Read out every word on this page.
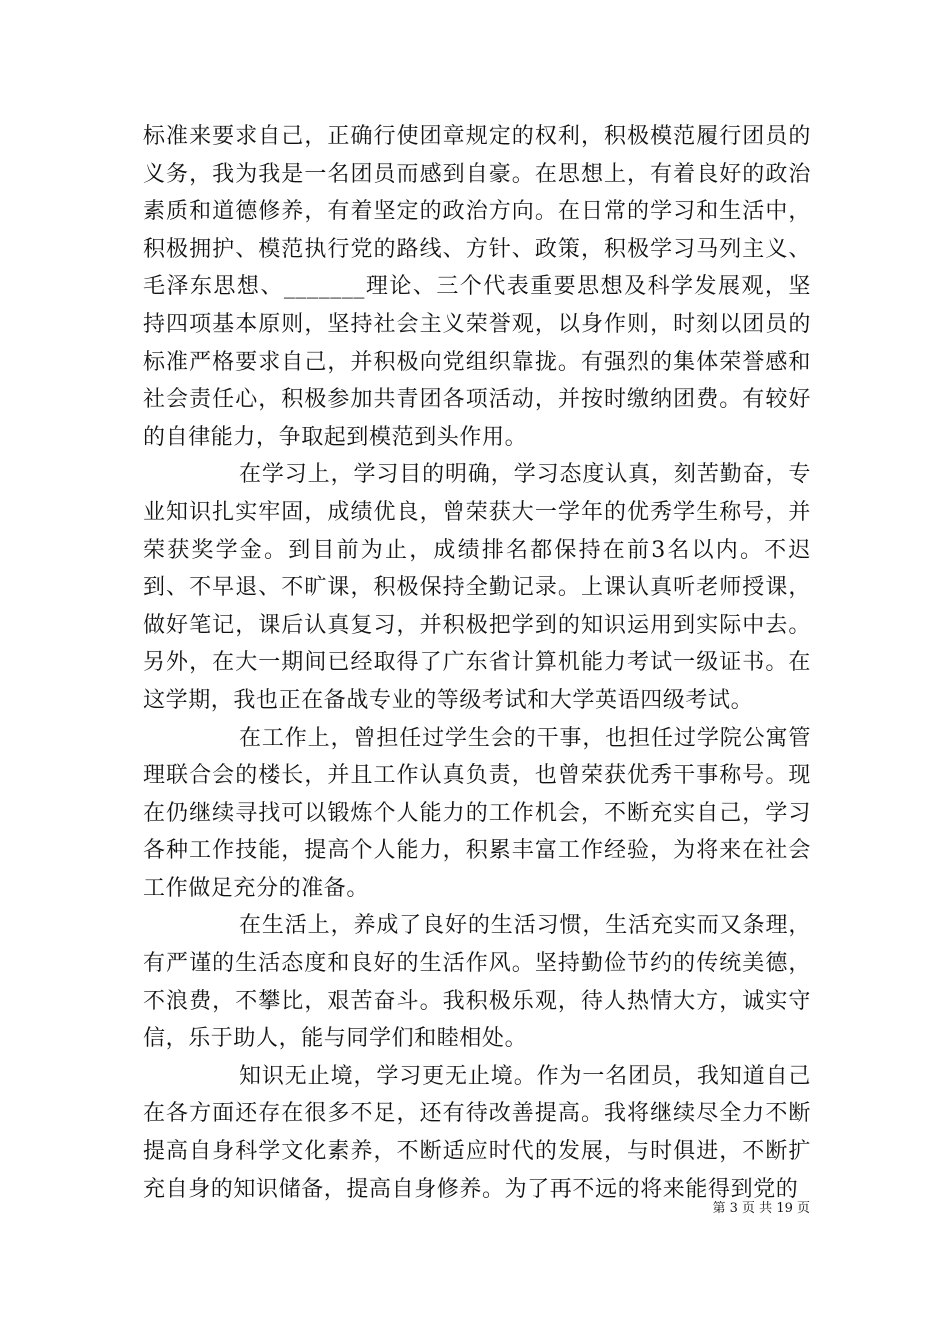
标准来要求自己，正确行使团章规定的权利，积极模范履行团员的义务，我为我是一名团员而感到自豪。在思想上，有着良好的政治素质和道德修养，有着坚定的政治方向。在日常的学习和生活中，积极拥护、模范执行党的路线、方针、政策，积极学习马列主义、毛泽东思想、_______理论、三个代表重要思想及科学发展观，坚持四项基本原则，坚持社会主义荣誉观，以身作则，时刻以团员的标准严格要求自己，并积极向党组织靠拢。有强烈的集体荣誉感和社会责任心，积极参加共青团各项活动，并按时缴纳团费。有较好的自律能力，争取起到模范到头作用。

在学习上，学习目的明确，学习态度认真，刻苦勤奋，专业知识扎实牢固，成绩优良，曾荣获大一学年的优秀学生称号，并荣获奖学金。到目前为止，成绩排名都保持在前3名以内。不迟到、不早退、不旷课，积极保持全勤记录。上课认真听老师授课，做好笔记，课后认真复习，并积极把学到的知识运用到实际中去。另外，在大一期间已经取得了广东省计算机能力考试一级证书。在这学期，我也正在备战专业的等级考试和大学英语四级考试。

在工作上，曾担任过学生会的干事，也担任过学院公寓管理联合会的楼长，并且工作认真负责，也曾荣获优秀干事称号。现在仍继续寻找可以锻炼个人能力的工作机会，不断充实自己，学习各种工作技能，提高个人能力，积累丰富工作经验，为将来在社会工作做足充分的准备。

在生活上，养成了良好的生活习惯，生活充实而又条理，有严谨的生活态度和良好的生活作风。坚持勤俭节约的传统美德，不浪费，不攀比，艰苦奋斗。我积极乐观，待人热情大方，诚实守信，乐于助人，能与同学们和睦相处。

知识无止境，学习更无止境。作为一名团员，我知道自己在各方面还存在很多不足，还有待改善提高。我将继续尽全力不断提高自身科学文化素养，不断适应时代的发展，与时俱进，不断扩充自身的知识储备，提高自身修养。为了再不远的将来能得到党的

第 3 页 共 19 页
